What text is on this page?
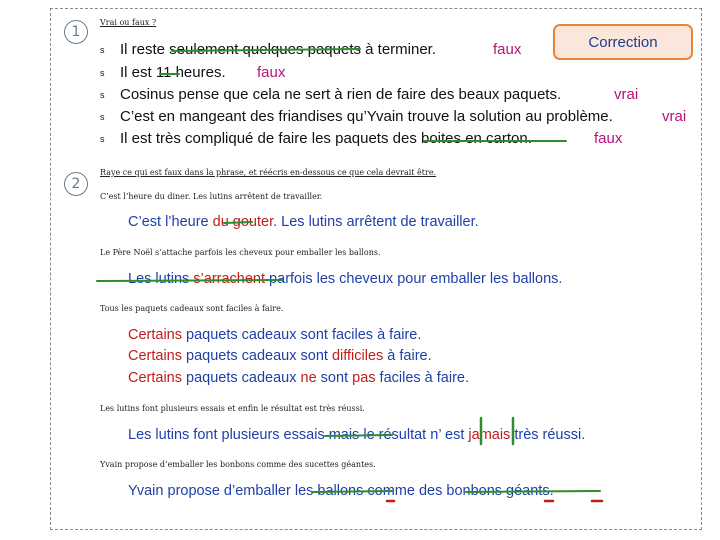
1
Vrai ou faux ?
s	Il reste seulement quelques paquets à terminer.	faux
s	Il est 11 heures. faux
s	Cosinus pense que cela ne sert à rien de faire des beaux paquets.	vrai
s	C’est en mangeant des friandises qu’Yvain trouve la solution au problème.	vrai
s	Il est très compliqué de faire les paquets des boites en carton.	faux
Correction
2
Raye ce qui est faux dans la phrase, et réécris en-dessous ce que cela devrait être.
C’est l’heure du diner. Les lutins arrêtent de travailler.
C’est l’heure du gouter. Les lutins arrêtent de travailler.
Le Père Noël s’attache parfois les cheveux pour emballer les ballons.
Les lutins s’arrachent parfois les cheveux pour emballer les ballons.
Tous les paquets cadeaux sont faciles à faire.
Certains paquets cadeaux sont faciles à faire.
Certains paquets cadeaux sont difficiles à faire.
Certains paquets cadeaux ne sont pas faciles à faire.
Les lutins font plusieurs essais et enfin le résultat est très réussi.
Les lutins font plusieurs essais mais le résultat n’ est jamais très réussi.
Yvain propose d’emballer les bonbons comme des sucettes géantes.
Yvain propose d’emballer les ballons comme des bonbons géants.
